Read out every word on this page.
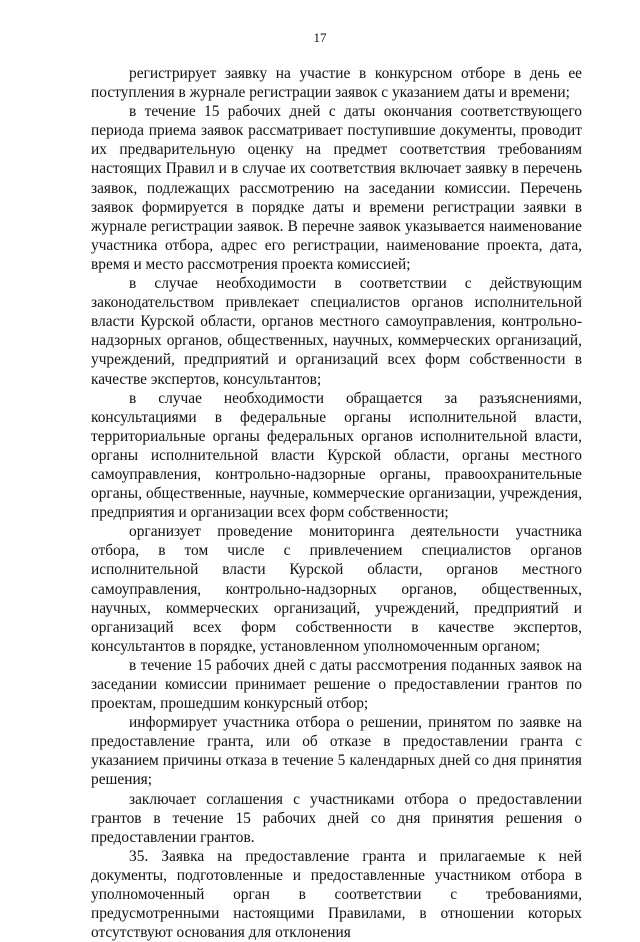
17

регистрирует заявку на участие в конкурсном отборе в день ее поступления в журнале регистрации заявок с указанием даты и времени;

в течение 15 рабочих дней с даты окончания соответствующего периода приема заявок рассматривает поступившие документы, проводит их предварительную оценку на предмет соответствия требованиям настоящих Правил и в случае их соответствия включает заявку в перечень заявок, подлежащих рассмотрению на заседании комиссии. Перечень заявок формируется в порядке даты и времени регистрации заявки в журнале регистрации заявок. В перечне заявок указывается наименование участника отбора, адрес его регистрации, наименование проекта, дата, время и место рассмотрения проекта комиссией;

в случае необходимости в соответствии с действующим законодательством привлекает специалистов органов исполнительной власти Курской области, органов местного самоуправления, контрольно-надзорных органов, общественных, научных, коммерческих организаций, учреждений, предприятий и организаций всех форм собственности в качестве экспертов, консультантов;

в случае необходимости обращается за разъяснениями, консультациями в федеральные органы исполнительной власти, территориальные органы федеральных органов исполнительной власти, органы исполнительной власти Курской области, органы местного самоуправления, контрольно-надзорные органы, правоохранительные органы, общественные, научные, коммерческие организации, учреждения, предприятия и организации всех форм собственности;

организует проведение мониторинга деятельности участника отбора, в том числе с привлечением специалистов органов исполнительной власти Курской области, органов местного самоуправления, контрольно-надзорных органов, общественных, научных, коммерческих организаций, учреждений, предприятий и организаций всех форм собственности в качестве экспертов, консультантов в порядке, установленном уполномоченным органом;

в течение 15 рабочих дней с даты рассмотрения поданных заявок на заседании комиссии принимает решение о предоставлении грантов по проектам, прошедшим конкурсный отбор;

информирует участника отбора о решении, принятом по заявке на предоставление гранта, или об отказе в предоставлении гранта с указанием причины отказа в течение 5 календарных дней со дня принятия решения;

заключает соглашения с участниками отбора о предоставлении грантов в течение 15 рабочих дней со дня принятия решения о предоставлении грантов.

35. Заявка на предоставление гранта и прилагаемые к ней документы, подготовленные и предоставленные участником отбора в уполномоченный орган в соответствии с требованиями, предусмотренными настоящими Правилами, в отношении которых отсутствуют основания для отклонения
